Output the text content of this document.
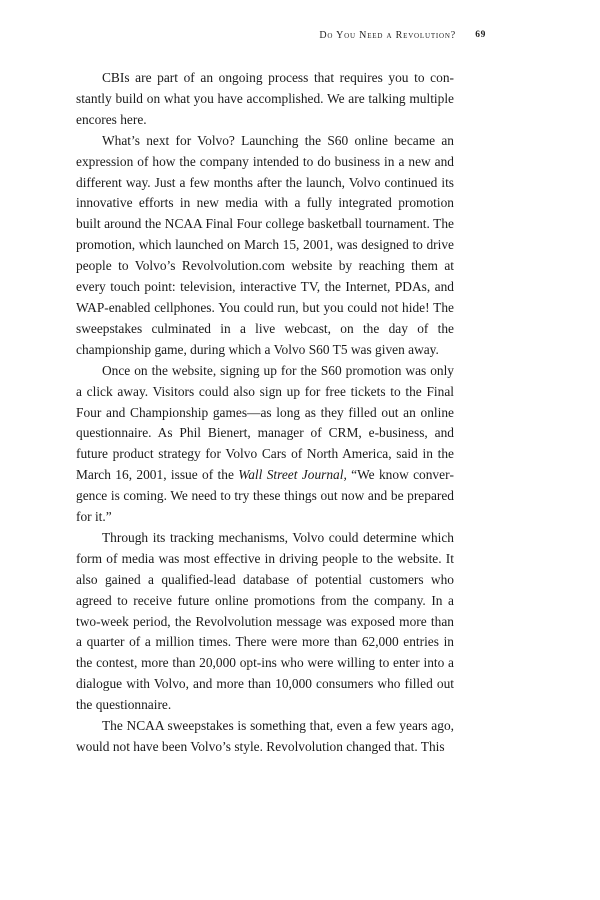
Do You Need a Revolution? 69

CBIs are part of an ongoing process that requires you to constantly build on what you have accomplished. We are talking multiple encores here.

What’s next for Volvo? Launching the S60 online became an expression of how the company intended to do business in a new and different way. Just a few months after the launch, Volvo continued its innovative efforts in new media with a fully integrated promotion built around the NCAA Final Four college basketball tournament. The promotion, which launched on March 15, 2001, was designed to drive people to Volvo’s Revolvolution.com website by reaching them at every touch point: television, interactive TV, the Internet, PDAs, and WAP-enabled cellphones. You could run, but you could not hide! The sweepstakes culminated in a live webcast, on the day of the championship game, during which a Volvo S60 T5 was given away.

Once on the website, signing up for the S60 promotion was only a click away. Visitors could also sign up for free tickets to the Final Four and Championship games—as long as they filled out an online questionnaire. As Phil Bienert, manager of CRM, e-business, and future product strategy for Volvo Cars of North America, said in the March 16, 2001, issue of the Wall Street Journal, “We know convergence is coming. We need to try these things out now and be prepared for it.”

Through its tracking mechanisms, Volvo could determine which form of media was most effective in driving people to the website. It also gained a qualified-lead database of potential customers who agreed to receive future online promotions from the company. In a two-week period, the Revolvolution message was exposed more than a quarter of a million times. There were more than 62,000 entries in the contest, more than 20,000 opt-ins who were willing to enter into a dialogue with Volvo, and more than 10,000 consumers who filled out the questionnaire.

The NCAA sweepstakes is something that, even a few years ago, would not have been Volvo’s style. Revolvolution changed that. This
